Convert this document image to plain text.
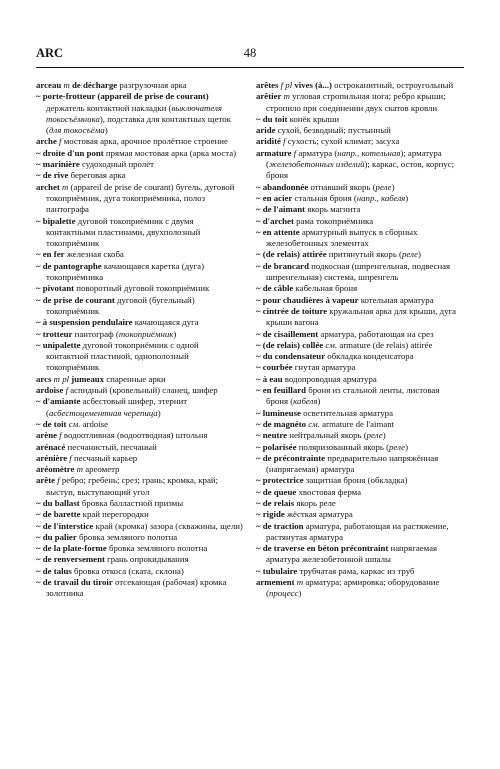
48
ARC
arceau m de décharge разгрузочная арка
~ porte-frotteur (appareil de prise de courant) держатель контактной накладки (выключателя токосъёмника), подставка для контактных щеток (для токосъёма)
arche f мостовая арка, арочное пролётное строение
~ droite d'un pont прямая мостовая арка (арка моста)
~ marinière судоходный пролёт
~ de rive береговая арка
archet m (appareil de prise de courant) бугель, дуговой токоприёмник, дуга токоприёмника, полоз пантографа
~ bipalette дуговой токоприёмник с двумя контактными пластинами, двухполозный токоприёмник
~ en fer железная скоба
~ de pantographe качающаяся каретка (дуга) токоприёмника
~ pivotant поворотный дуговой токоприёмник
~ de prise de courant дуговой (бугельный) токоприёмник
~ à suspension pendulaire качающаяся дуга
~ trotteur пантограф (токоприёмник)
~ unipalette дуговой токоприёмник с одной контактной пластиной, однополозный токоприёмник
arcs m pl jumeaux спаренные арки
ardoise f аспидный (кровельный) сланец, шифер
~ d'amiante асбестовый шифер, этернит (асбестоцементная черепица)
~ de toit см. ardoise
arène f водоотливная (водоотводная) штольня
arénacé песчанистый, песчаный
arénière f песчаный карьер
aréomètre m ареометр
arête f ребро; гребень; срез; грань; кромка, край; выступ, выступающий угол
~ du ballast бровка балластной призмы
~ de barette край перегородки
~ de l'interstice край (кромка) зазора (скважины, щели)
~ du palier бровка земляного полотна
~ de la plate-forme бровка земляного полотна
~ de renversement грань опрокидывания
~ de talus бровка откоса (ската, склона)
~ de travail du tiroir отсекающая (рабочая) кромка золотника
arêtes f pl vives (à...) остроканитный, остроугольный
arêtier m угловая стропильная нога; ребро крыши; стропило при соединении двух скатов кровли
~ du toit конёк крыши
aride сухой, безводный; пустынный
aridité f сухость; сухой климат; засуха
armature f арматура (напр., котельная); арматура (железобетонных изделий); каркас, остов, корпус; броня
~ abandonnée отпавший якорь (реле)
~ en acier стальная броня (напр., кабеля)
~ de l'aimant якорь магнита
~ d'archet рама токоприёмника
~ en attente арматурный выпуск в сборных железобетонных элементах
~ (de relais) attirée притянутый якорь (реле)
~ de brancard подкосная (шпренгельная, подвесная шпренгельная) система, шпренгель
~ de câble кабельная броня
~ pour chaudières à vapeur котельная арматура
~ cintrée de toiture кружальная арка для крыши, дуга крыши вагона
~ de cisaillement арматура, работающая на срез
~ (de relais) collée см. armature (de relais) attirée
~ du condensateur обкладка конденсатора
~ courbée гнутая арматура
~ à eau водопроводная арматура
~ en feuillard броня из стальной ленты, листовая броня (кабеля)
~ lumineuse осветительная арматура
~ de magnéto см. armature de l'aimant
~ neutre нейтральный якорь (реле)
~ polarisée поляризованный якорь (реле)
~ de précontrainte предварительно напряжённая (напрягаемая) арматура
~ protectrice защитная броня (обкладка)
~ de queue хвостовая ферма
~ de relais якорь реле
~ rigide жёсткая арматура
~ de traction арматура, работающая на растяжение, растянутая арматура
~ de traverse en béton précontraint напрягаемая арматура железобетонной шпалы
~ tubulaire трубчатая рама, каркас из труб
armement m арматура; армировка; оборудование (процесс)
